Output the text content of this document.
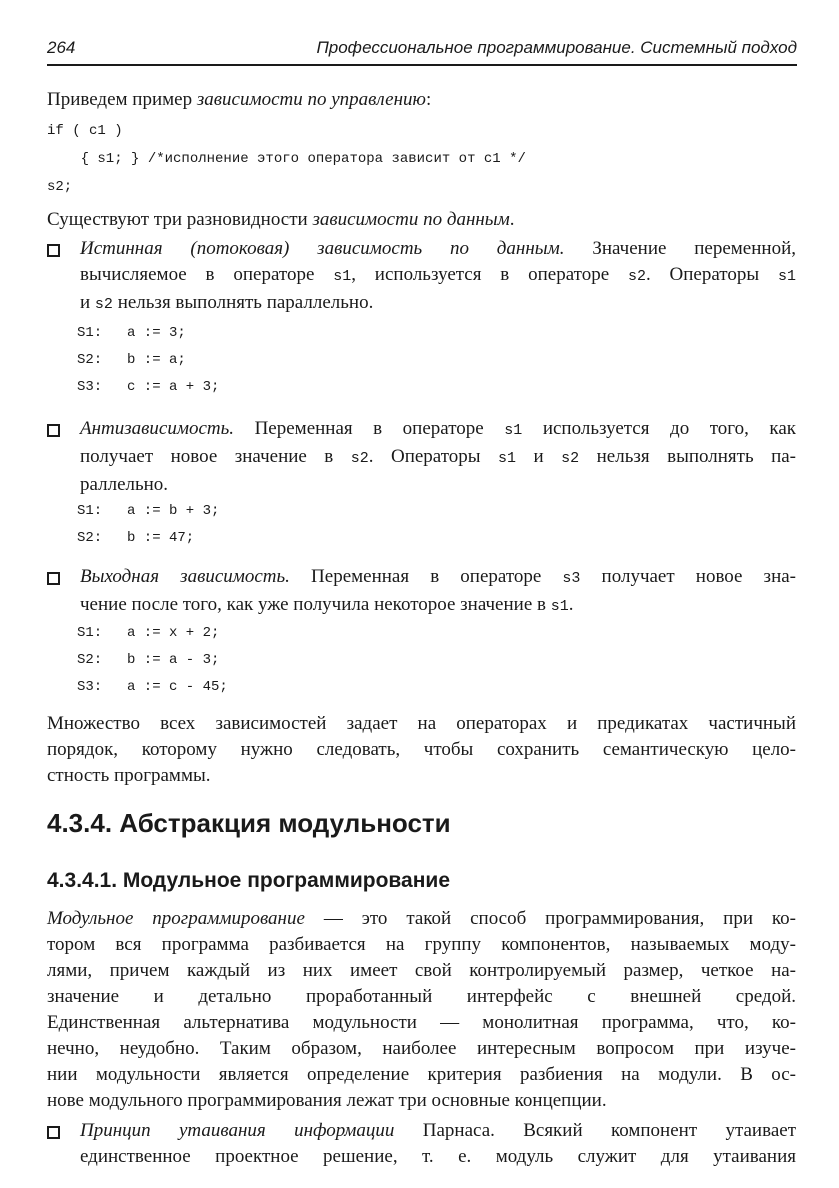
264	Профессиональное программирование. Системный подход
Приведем пример зависимости по управлению:
if ( c1 )
{ s1; } /*исполнение этого оператора зависит от c1 */
s2;
Существуют три разновидности зависимости по данным.
Истинная (потоковая) зависимость по данным. Значение переменной,
вычисляемое в операторе s1, используется в операторе s2. Операторы s1
и s2 нельзя выполнять параллельно.
S1: a := 3;
S2: b := a;
S3: c := a + 3;
Антизависимость. Переменная в операторе s1 используется до того, как
получает новое значение в s2. Операторы s1 и s2 нельзя выполнять па-
раллельно.
S1: a := b + 3;
S2: b := 47;
Выходная зависимость. Переменная в операторе s3 получает новое зна-
чение после того, как уже получила некоторое значение в s1.
S1: a := x + 2;
S2: b := a - 3;
S3: a := c - 45;
Множество всех зависимостей задает на операторах и предикатах частичный
порядок, которому нужно следовать, чтобы сохранить семантическую цело-
стность программы.
4.3.4. Абстракция модульности
4.3.4.1. Модульное программирование
Модульное программирование — это такой способ программирования, при ко-
тором вся программа разбивается на группу компонентов, называемых моду-
лями, причем каждый из них имеет свой контролируемый размер, четкое на-
значение и детально проработанный интерфейс с внешней средой.
Единственная альтернатива модульности — монолитная программа, что, ко-
нечно, неудобно. Таким образом, наиболее интересным вопросом при изуче-
нии модульности является определение критерия разбиения на модули. В ос-
нове модульного программирования лежат три основные концепции.
Принцип утаивания информации Парнаса. Всякий компонент утаивает
единственное проектное решение, т. е. модуль служит для утаивания
